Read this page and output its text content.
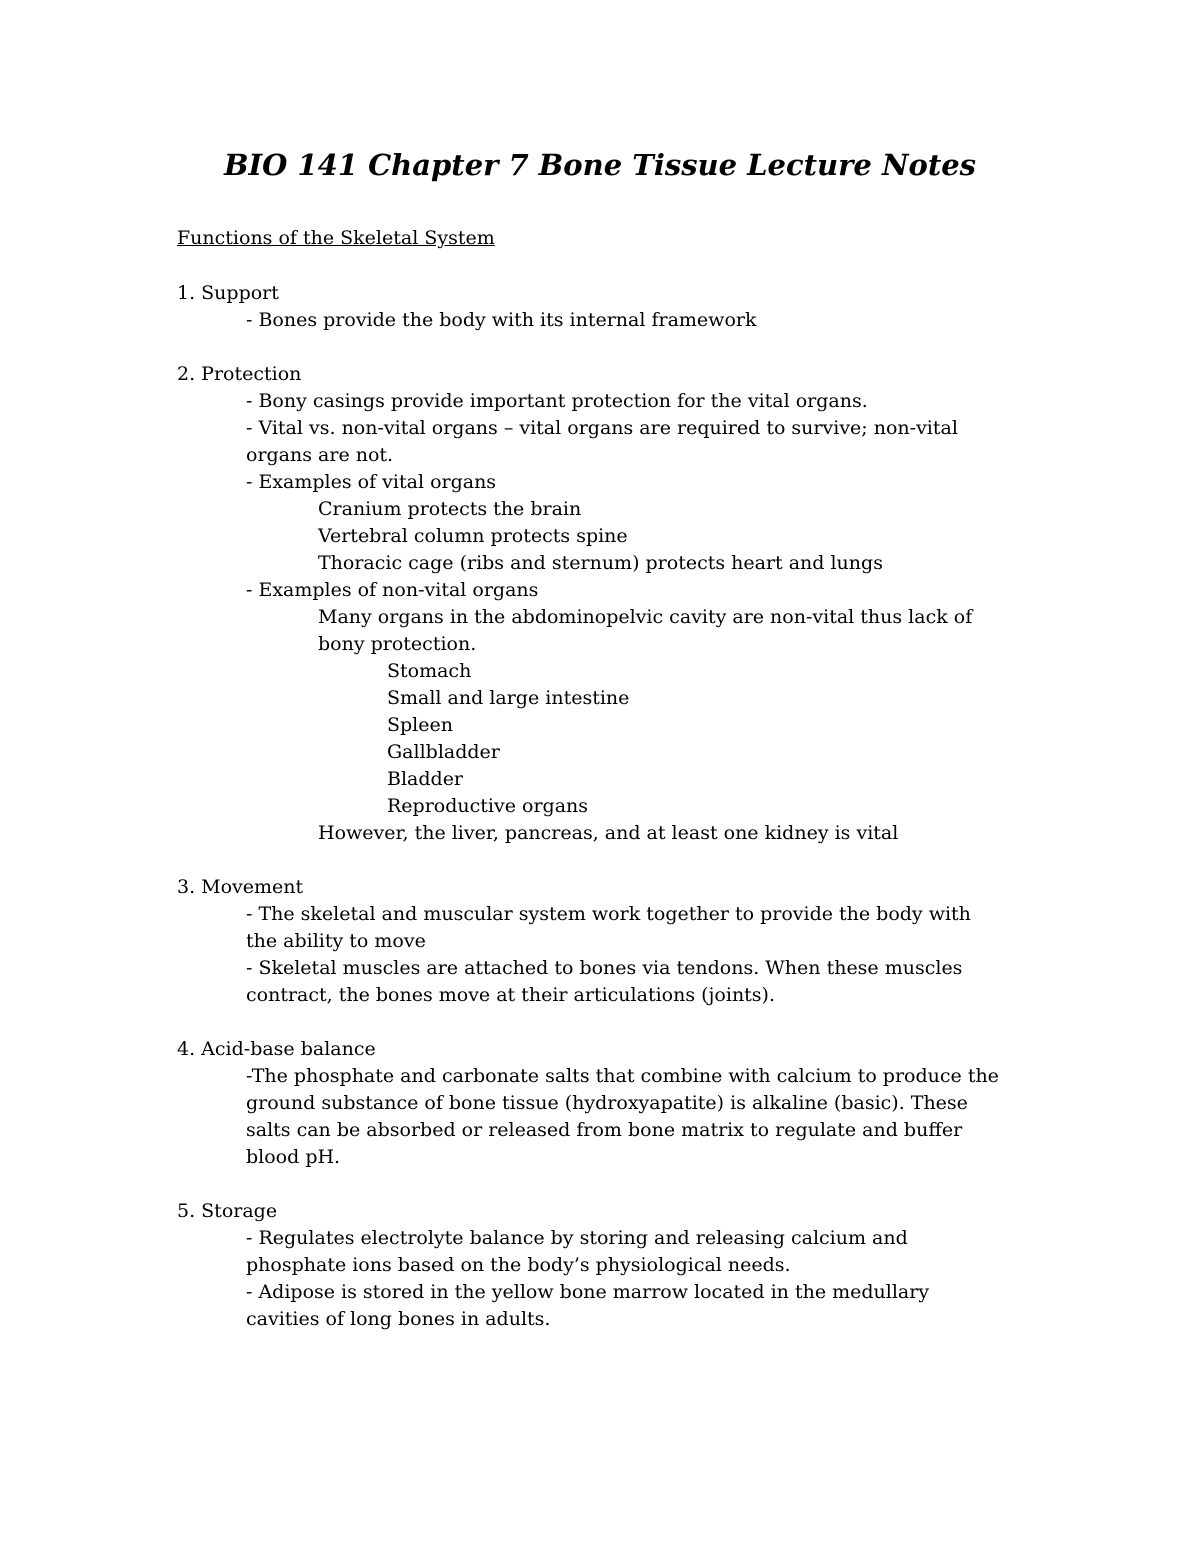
BIO 141 Chapter 7 Bone Tissue Lecture Notes

Functions of the Skeletal System

1. Support

- Bones provide the body with its internal framework

2. Protection

- Bony casings provide important protection for the vital organs.

- Vital vs. non-vital organs – vital organs are required to survive; non-vital organs are not.

- Examples of vital organs

Cranium protects the brain

Vertebral column protects spine

Thoracic cage (ribs and sternum) protects heart and lungs

- Examples of non-vital organs

Many organs in the abdominopelvic cavity are non-vital thus lack of bony protection.

Stomach

Small and large intestine

Spleen

Gallbladder

Bladder

Reproductive organs

However, the liver, pancreas, and at least one kidney is vital

3. Movement

- The skeletal and muscular system work together to provide the body with the ability to move

- Skeletal muscles are attached to bones via tendons. When these muscles contract, the bones move at their articulations (joints).

4. Acid-base balance

-The phosphate and carbonate salts that combine with calcium to produce the ground substance of bone tissue (hydroxyapatite) is alkaline (basic). These salts can be absorbed or released from bone matrix to regulate and buffer blood pH.

5. Storage

- Regulates electrolyte balance by storing and releasing calcium and phosphate ions based on the body’s physiological needs.

- Adipose is stored in the yellow bone marrow located in the medullary cavities of long bones in adults.
